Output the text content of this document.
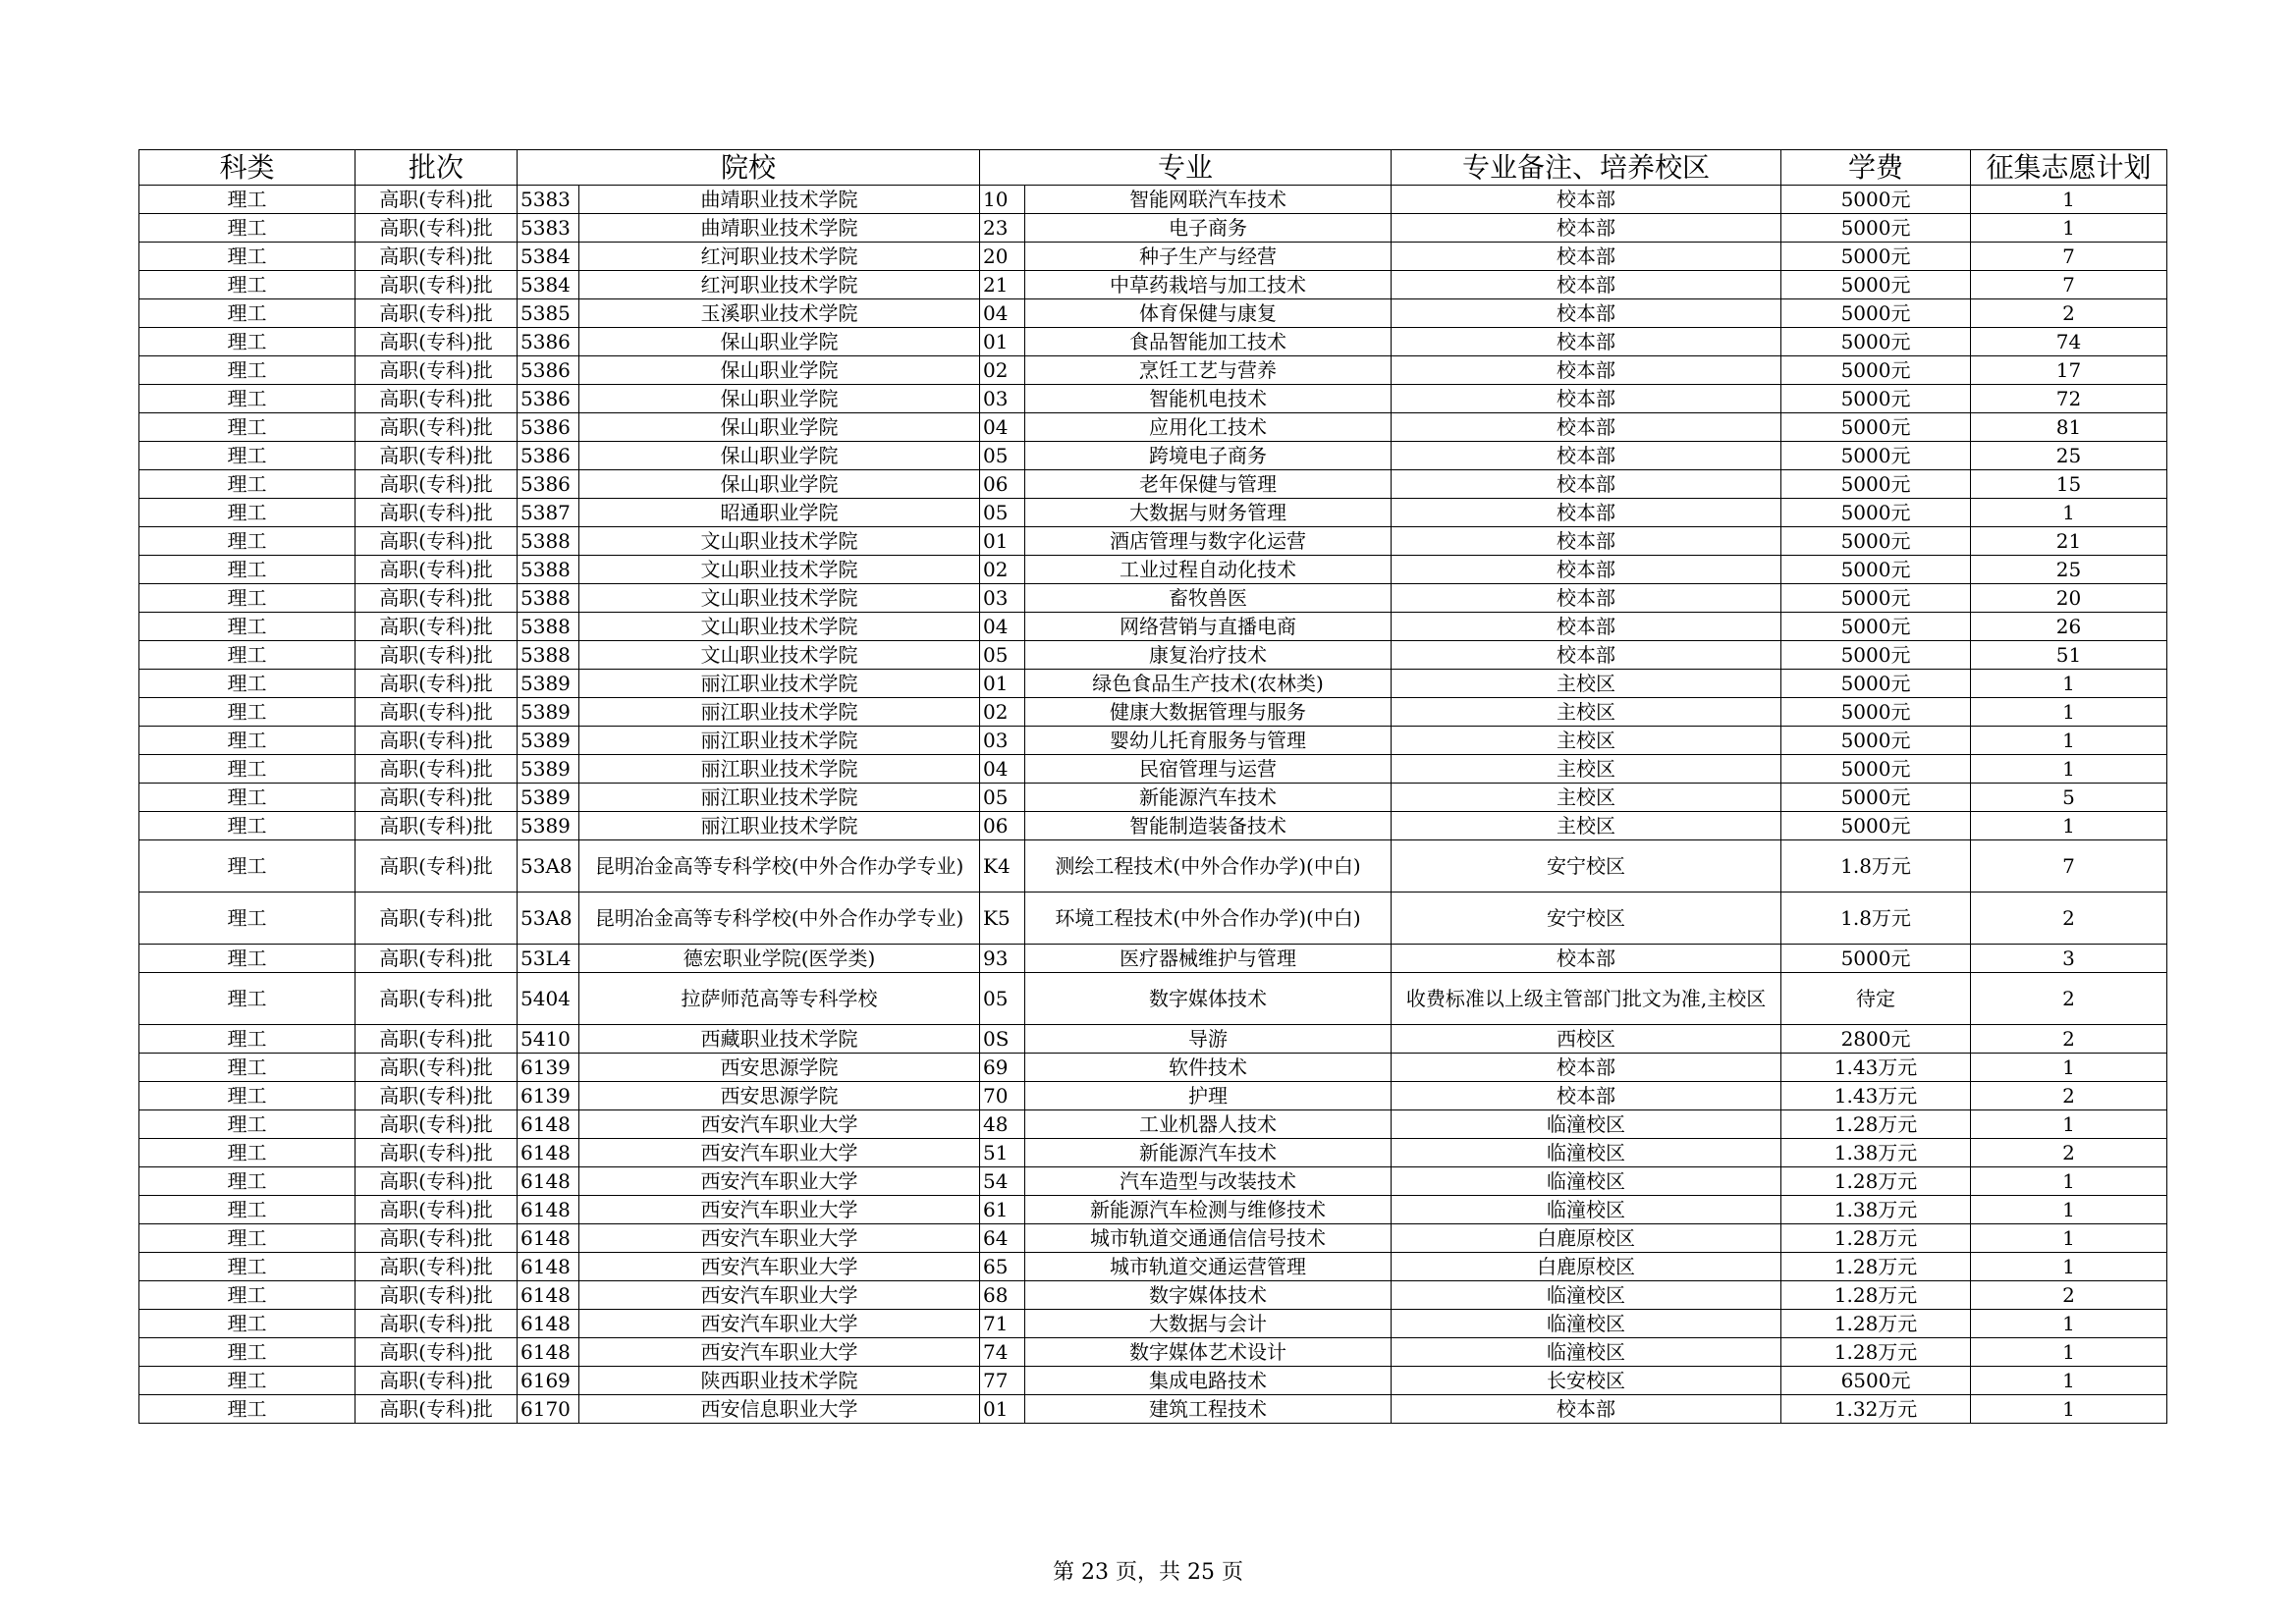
科类	批次	院校		专业		专业备注、培养校区	学费	征集志愿计划
理工	高职(专科)批	5383	曲靖职业技术学院	10	智能网联汽车技术	校本部	5000元	1
理工	高职(专科)批	5383	曲靖职业技术学院	23	电子商务	校本部	5000元	1
理工	高职(专科)批	5384	红河职业技术学院	20	种子生产与经营	校本部	5000元	7
理工	高职(专科)批	5384	红河职业技术学院	21	中草药栽培与加工技术	校本部	5000元	7
理工	高职(专科)批	5385	玉溪职业技术学院	04	体育保健与康复	校本部	5000元	2
理工	高职(专科)批	5386	保山职业学院	01	食品智能加工技术	校本部	5000元	74
理工	高职(专科)批	5386	保山职业学院	02	烹饪工艺与营养	校本部	5000元	17
理工	高职(专科)批	5386	保山职业学院	03	智能机电技术	校本部	5000元	72
理工	高职(专科)批	5386	保山职业学院	04	应用化工技术	校本部	5000元	81
理工	高职(专科)批	5386	保山职业学院	05	跨境电子商务	校本部	5000元	25
理工	高职(专科)批	5386	保山职业学院	06	老年保健与管理	校本部	5000元	15
理工	高职(专科)批	5387	昭通职业学院	05	大数据与财务管理	校本部	5000元	1
理工	高职(专科)批	5388	文山职业技术学院	01	酒店管理与数字化运营	校本部	5000元	21
理工	高职(专科)批	5388	文山职业技术学院	02	工业过程自动化技术	校本部	5000元	25
理工	高职(专科)批	5388	文山职业技术学院	03	畜牧兽医	校本部	5000元	20
理工	高职(专科)批	5388	文山职业技术学院	04	网络营销与直播电商	校本部	5000元	26
理工	高职(专科)批	5388	文山职业技术学院	05	康复治疗技术	校本部	5000元	51
理工	高职(专科)批	5389	丽江职业技术学院	01	绿色食品生产技术(农林类)	主校区	5000元	1
理工	高职(专科)批	5389	丽江职业技术学院	02	健康大数据管理与服务	主校区	5000元	1
理工	高职(专科)批	5389	丽江职业技术学院	03	婴幼儿托育服务与管理	主校区	5000元	1
理工	高职(专科)批	5389	丽江职业技术学院	04	民宿管理与运营	主校区	5000元	1
理工	高职(专科)批	5389	丽江职业技术学院	05	新能源汽车技术	主校区	5000元	5
理工	高职(专科)批	5389	丽江职业技术学院	06	智能制造装备技术	主校区	5000元	1
理工	高职(专科)批	53A8	昆明冶金高等专科学校(中外合作办学专业)	K4	测绘工程技术(中外合作办学)(中白)	安宁校区	1.8万元	7
理工	高职(专科)批	53A8	昆明冶金高等专科学校(中外合作办学专业)	K5	环境工程技术(中外合作办学)(中白)	安宁校区	1.8万元	2
理工	高职(专科)批	53L4	德宏职业学院(医学类)	93	医疗器械维护与管理	校本部	5000元	3
理工	高职(专科)批	5404	拉萨师范高等专科学校	05	数字媒体技术	收费标准以上级主管部门批文为准,主校区	待定	2
理工	高职(专科)批	5410	西藏职业技术学院	0S	导游	西校区	2800元	2
理工	高职(专科)批	6139	西安思源学院	69	软件技术	校本部	1.43万元	1
理工	高职(专科)批	6139	西安思源学院	70	护理	校本部	1.43万元	2
理工	高职(专科)批	6148	西安汽车职业大学	48	工业机器人技术	临潼校区	1.28万元	1
理工	高职(专科)批	6148	西安汽车职业大学	51	新能源汽车技术	临潼校区	1.38万元	2
理工	高职(专科)批	6148	西安汽车职业大学	54	汽车造型与改装技术	临潼校区	1.28万元	1
理工	高职(专科)批	6148	西安汽车职业大学	61	新能源汽车检测与维修技术	临潼校区	1.38万元	1
理工	高职(专科)批	6148	西安汽车职业大学	64	城市轨道交通通信信号技术	白鹿原校区	1.28万元	1
理工	高职(专科)批	6148	西安汽车职业大学	65	城市轨道交通运营管理	白鹿原校区	1.28万元	1
理工	高职(专科)批	6148	西安汽车职业大学	68	数字媒体技术	临潼校区	1.28万元	2
理工	高职(专科)批	6148	西安汽车职业大学	71	大数据与会计	临潼校区	1.28万元	1
理工	高职(专科)批	6148	西安汽车职业大学	74	数字媒体艺术设计	临潼校区	1.28万元	1
理工	高职(专科)批	6169	陕西职业技术学院	77	集成电路技术	长安校区	6500元	1
理工	高职(专科)批	6170	西安信息职业大学	01	建筑工程技术	校本部	1.32万元	1
第 23 页，共 25 页
